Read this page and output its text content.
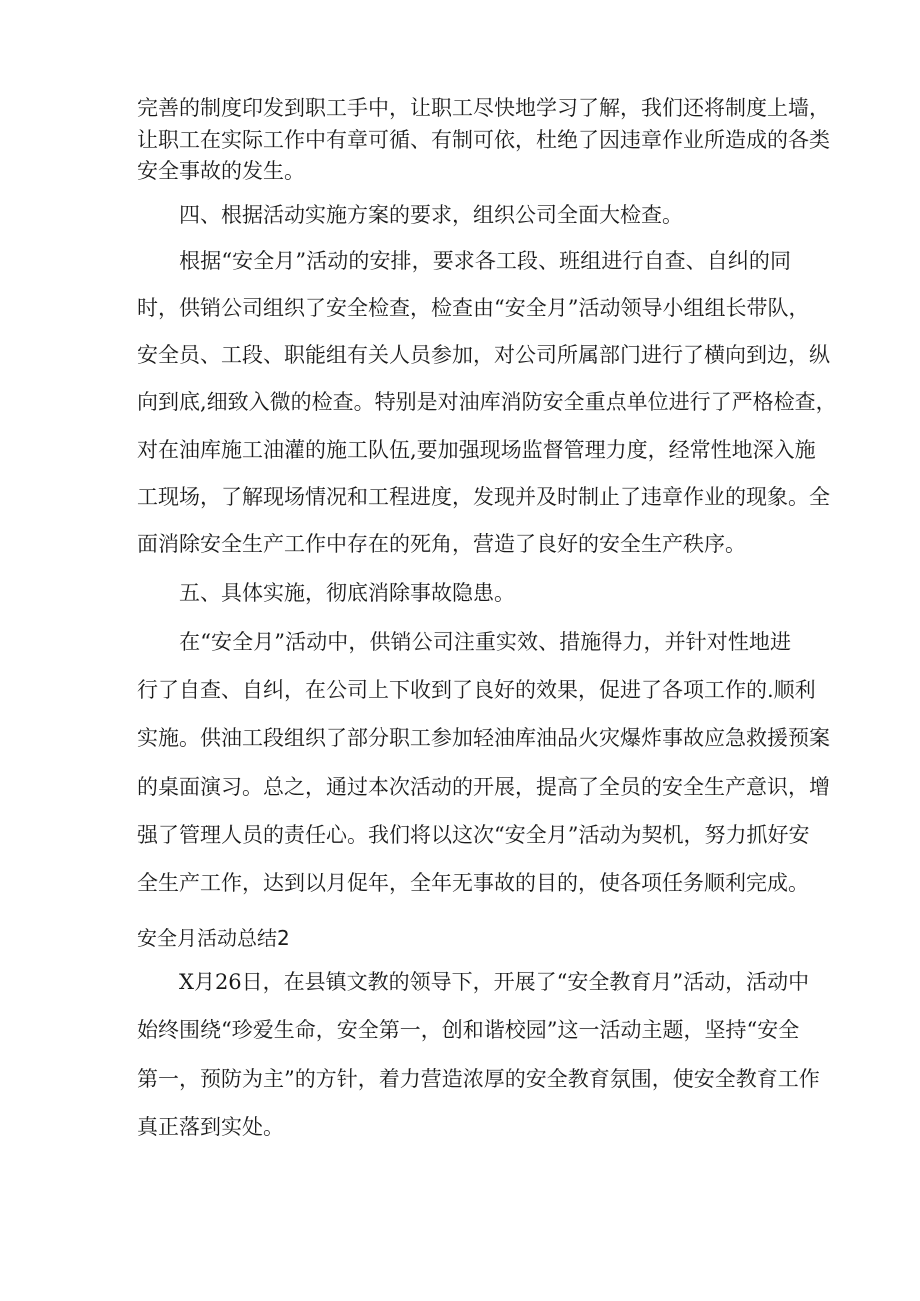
完善的制度印发到职工手中，让职工尽快地学习了解，我们还将制度上墙，
让职工在实际工作中有章可循、有制可依，杜绝了因违章作业所造成的各类
安全事故的发生。
　　四、根据活动实施方案的要求，组织公司全面大检查。
　　根据“安全月”活动的安排，要求各工段、班组进行自查、自纠的同
时，供销公司组织了安全检查，检查由“安全月”活动领导小组组长带队，
安全员、工段、职能组有关人员参加，对公司所属部门进行了横向到边，纵
向到底,细致入微的检查。特别是对油库消防安全重点单位进行了严格检查，
对在油库施工油灌的施工队伍,要加强现场监督管理力度，经常性地深入施
工现场，了解现场情况和工程进度，发现并及时制止了违章作业的现象。全
面消除安全生产工作中存在的死角，营造了良好的安全生产秩序。
　　五、具体实施，彻底消除事故隐患。
　　在“安全月”活动中，供销公司注重实效、措施得力，并针对性地进
行了自查、自纠，在公司上下收到了良好的效果，促进了各项工作的.顺利
实施。供油工段组织了部分职工参加轻油库油品火灾爆炸事故应急救援预案
的桌面演习。总之，通过本次活动的开展，提高了全员的安全生产意识，增
强了管理人员的责任心。我们将以这次“安全月”活动为契机，努力抓好安
全生产工作，达到以月促年，全年无事故的目的，使各项任务顺利完成。
安全月活动总结2
　　X月26日，在县镇文教的领导下，开展了“安全教育月”活动，活动中
始终围绕“珍爱生命，安全第一，创和谐校园”这一活动主题，坚持“安全
第一，预防为主”的方针，着力营造浓厚的安全教育氛围，使安全教育工作
真正落到实处。
